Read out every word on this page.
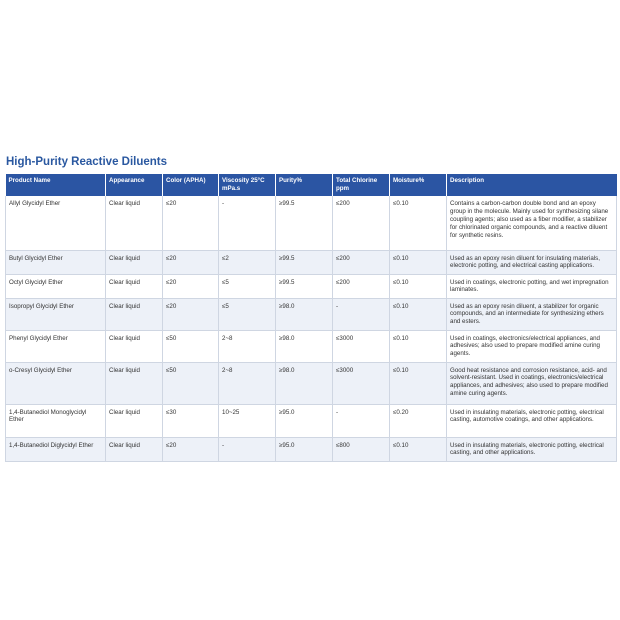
High-Purity Reactive Diluents
Product Name	Appearance	Color (APHA)	Viscosity 25°C mPa.s	Purity%	Total Chlorine ppm	Moisture%	Description
Allyl Glycidyl Ether	Clear liquid	≤20	-	≥99.5	≤200	≤0.10	Contains a carbon-carbon double bond and an epoxy group in the molecule. Mainly used for synthesizing silane coupling agents; also used as a fiber modifier, a stabilizer for chlorinated organic compounds, and a reactive diluent for synthetic resins.
Butyl Glycidyl Ether	Clear liquid	≤20	≤2	≥99.5	≤200	≤0.10	Used as an epoxy resin diluent for insulating materials, electronic potting, and electrical casting applications.
Octyl Glycidyl Ether	Clear liquid	≤20	≤5	≥99.5	≤200	≤0.10	Used in coatings, electronic potting, and wet impregnation laminates.
Isopropyl Glycidyl Ether	Clear liquid	≤20	≤5	≥98.0	-	≤0.10	Used as an epoxy resin diluent, a stabilizer for organic compounds, and an intermediate for synthesizing ethers and esters.
Phenyl Glycidyl Ether	Clear liquid	≤50	2~8	≥98.0	≤3000	≤0.10	Used in coatings, electronics/electrical appliances, and adhesives; also used to prepare modified amine curing agents.
o-Cresyl Glycidyl Ether	Clear liquid	≤50	2~8	≥98.0	≤3000	≤0.10	Good heat resistance and corrosion resistance, acid- and solvent-resistant. Used in coatings, electronics/electrical appliances, and adhesives; also used to prepare modified amine curing agents.
1,4-Butanediol Monoglycidyl Ether	Clear liquid	≤30	10~25	≥95.0	-	≤0.20	Used in insulating materials, electronic potting, electrical casting, automotive coatings, and other applications.
1,4-Butanediol Diglycidyl Ether	Clear liquid	≤20	-	≥95.0	≤800	≤0.10	Used in insulating materials, electronic potting, electrical casting, and other applications.
